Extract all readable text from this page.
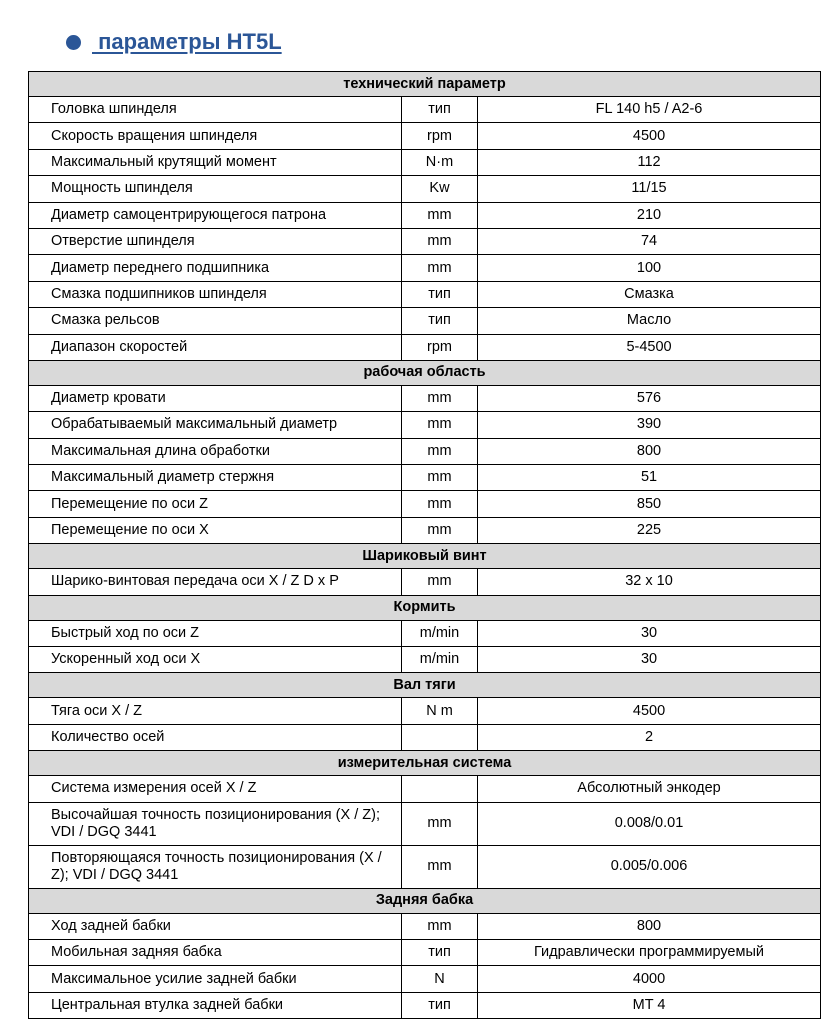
параметры HT5L
технический параметр		
Головка шпинделя	тип	FL 140 h5 / A2-6
Скорость вращения шпинделя	rpm	4500
Максимальный крутящий момент	N·m	112
Мощность шпинделя	Kw	11/15
Диаметр самоцентрирующегося патрона	mm	210
Отверстие шпинделя	mm	74
Диаметр переднего подшипника	mm	100
Смазка подшипников шпинделя	тип	Смазка
Смазка рельсов	тип	Масло
Диапазон скоростей	rpm	5-4500
рабочая область		
Диаметр кровати	mm	576
Обрабатываемый максимальный диаметр	mm	390
Максимальная длина обработки	mm	800
Максимальный диаметр стержня	mm	51
Перемещение по оси Z	mm	850
Перемещение по оси X	mm	225
Шариковый винт		
Шарико-винтовая передача оси X / Z D x P	mm	32 x 10
Кормить		
Быстрый ход по оси Z	m/min	30
Ускоренный ход оси X	m/min	30
Вал тяги		
Тяга оси X / Z	N m	4500
Количество осей		2
измерительная система		
Система измерения осей X / Z		Абсолютный энкодер
Высочайшая точность позиционирования (X / Z); VDI / DGQ 3441	mm	0.008/0.01
Повторяющаяся точность позиционирования (X / Z); VDI / DGQ 3441	mm	0.005/0.006
Задняя бабка		
Ход задней бабки	mm	800
Мобильная задняя бабка	тип	Гидравлически программируемый
Максимальное усилие задней бабки	N	4000
Центральная втулка задней бабки	тип	MT 4
